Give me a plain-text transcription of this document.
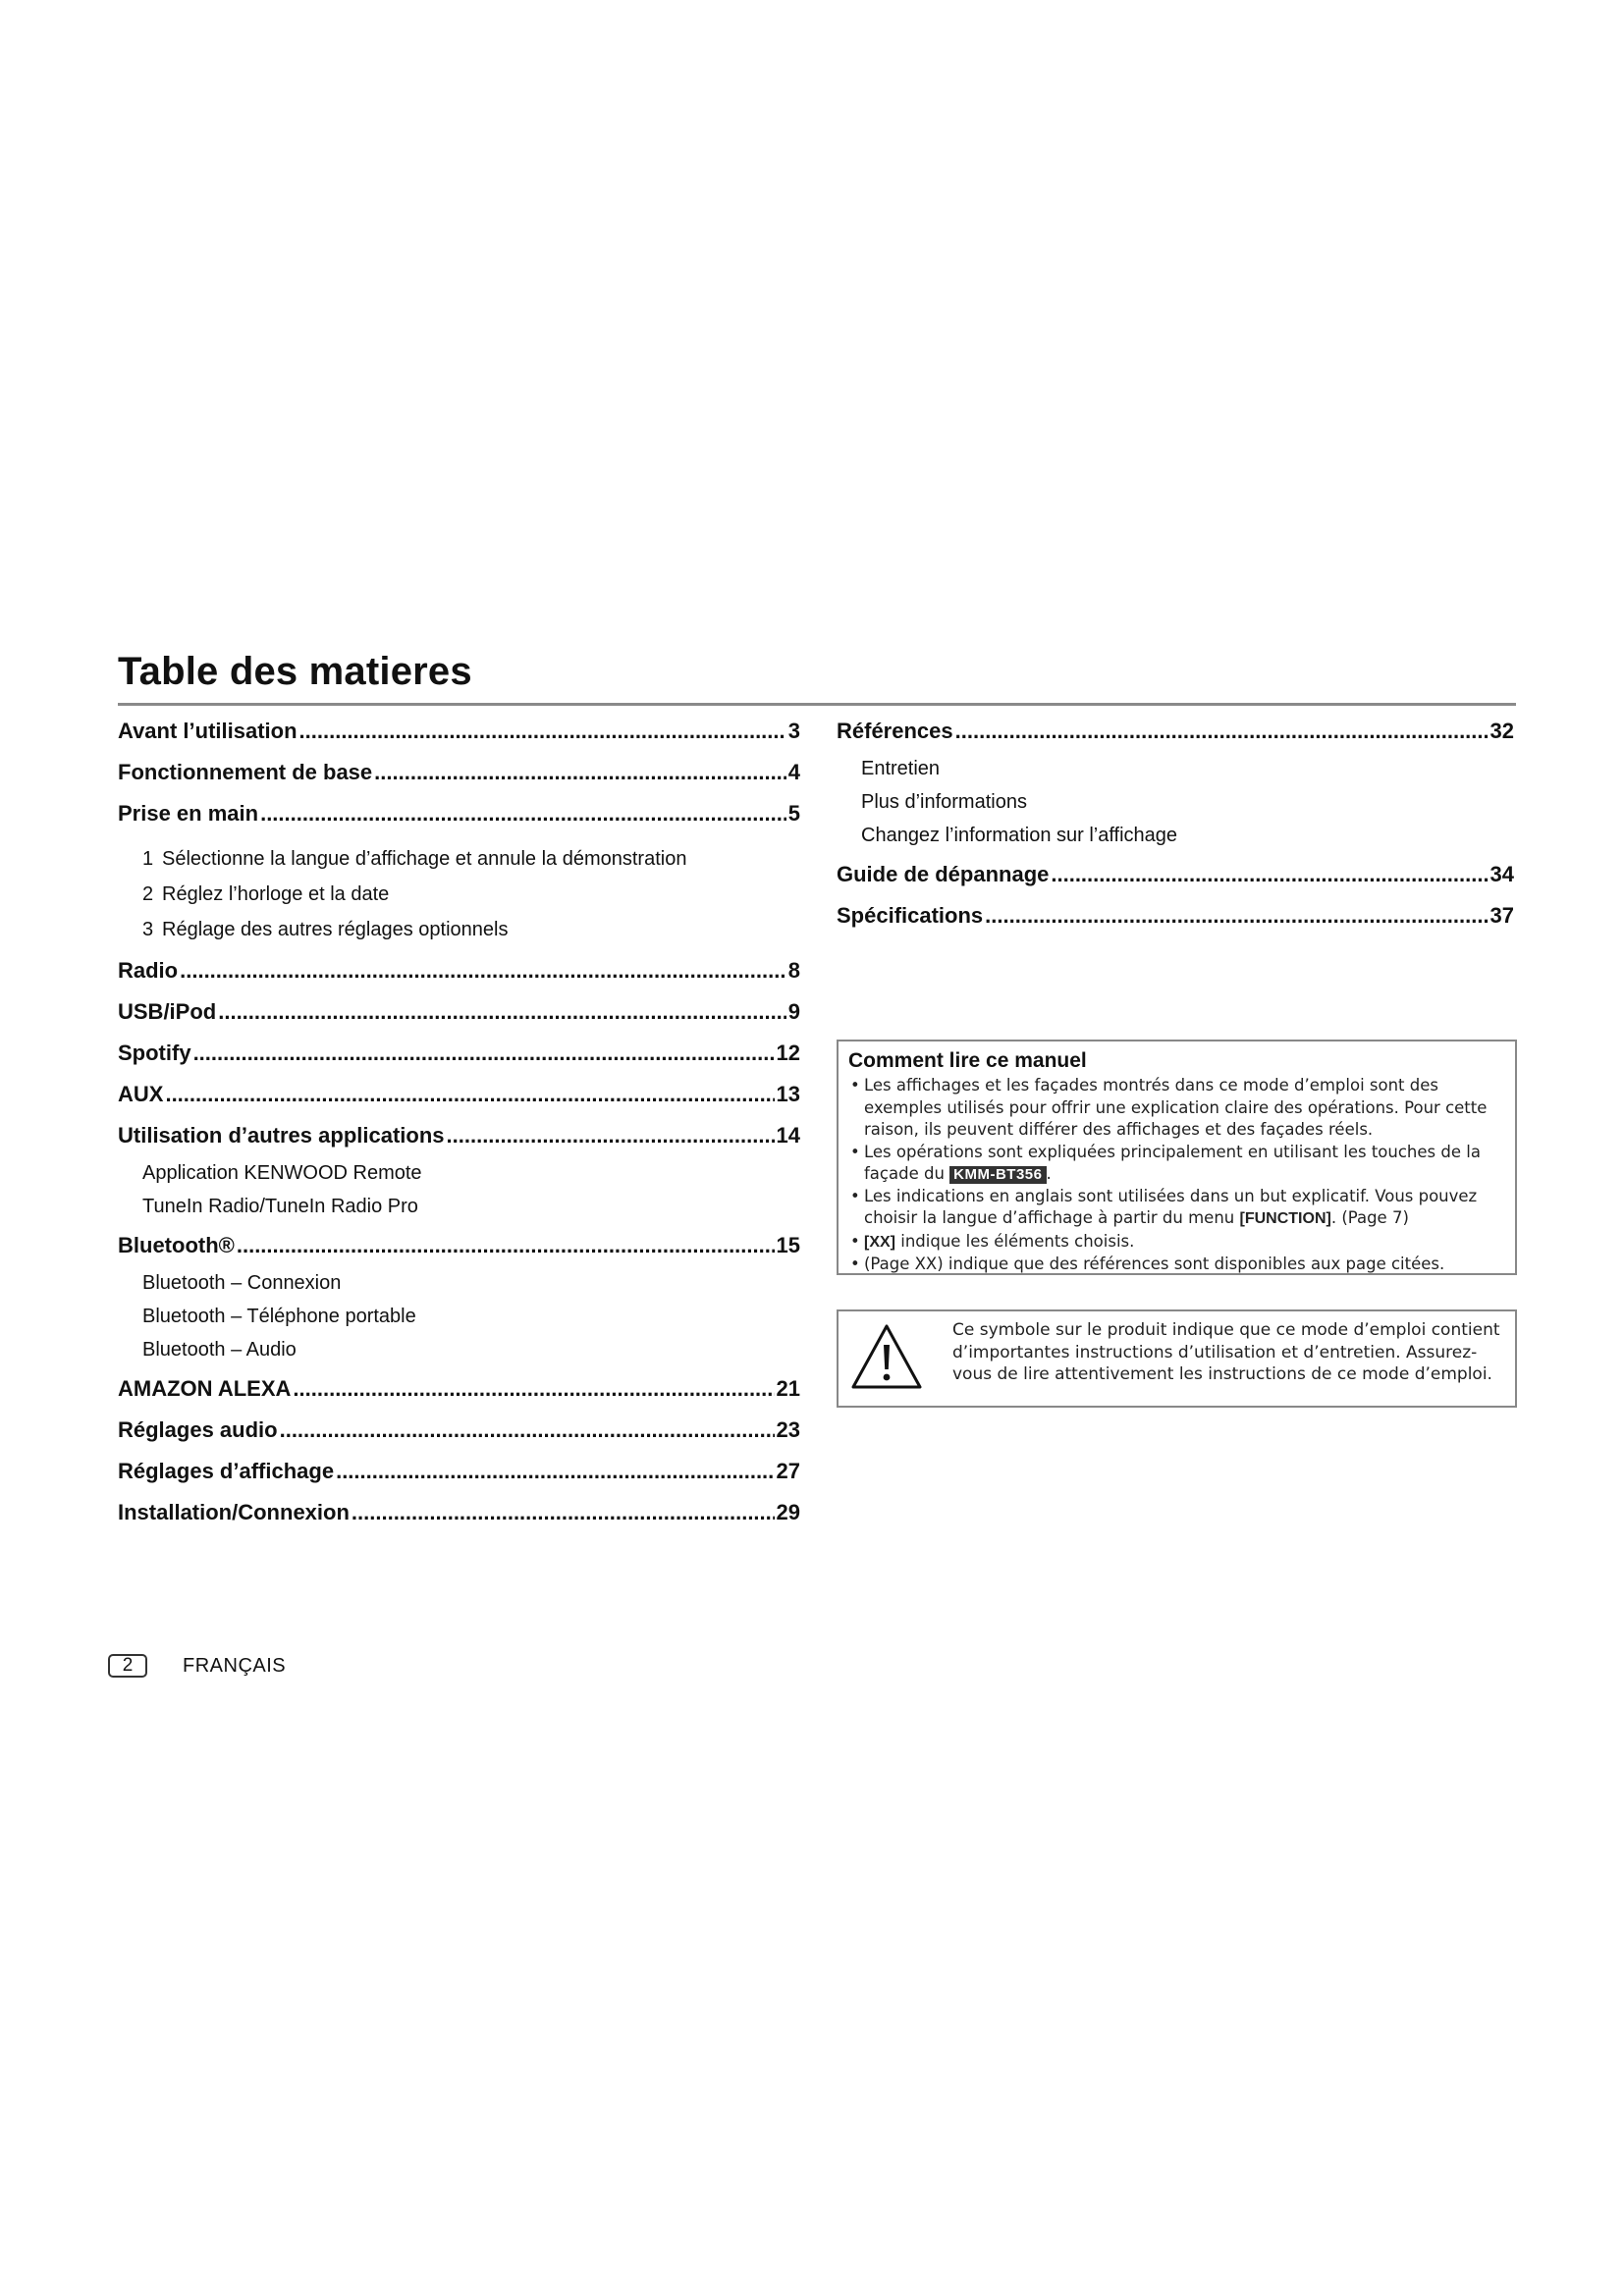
Table des matieres
Avant l’utilisation .....	3
Fonctionnement de base .....	4
Prise en main .....	5
1 Sélectionne la langue d’affichage et annule la démonstration
2 Réglez l’horloge et la date
3 Réglage des autres réglages optionnels
Radio .....	8
USB/iPod .....	9
Spotify .....	12
AUX .....	13
Utilisation d’autres applications .....	14
Application KENWOOD Remote
TuneIn Radio/TuneIn Radio Pro
Bluetooth® .....	15
Bluetooth – Connexion
Bluetooth – Téléphone portable
Bluetooth – Audio
AMAZON ALEXA .....	21
Réglages audio .....	23
Réglages d’affichage .....	27
Installation/Connexion .....	29
Références .....	32
Entretien
Plus d’informations
Changez l’information sur l’affichage
Guide de dépannage .....	34
Spécifications .....	37
Comment lire ce manuel
• Les affichages et les façades montrés dans ce mode d’emploi sont des exemples utilisés pour offrir une explication claire des opérations. Pour cette raison, ils peuvent différer des affichages et des façades réels.
• Les opérations sont expliquées principalement en utilisant les touches de la façade du KMM-BT356 .
• Les indications en anglais sont utilisées dans un but explicatif. Vous pouvez choisir la langue d’affichage à partir du menu [FUNCTION]. (Page 7)
• [XX] indique les éléments choisis.
• (Page XX) indique que des références sont disponibles aux page citées.
Ce symbole sur le produit indique que ce mode d’emploi contient d’importantes instructions d’utilisation et d’entretien. Assurez-vous de lire attentivement les instructions de ce mode d’emploi.
2	FRANÇAIS
